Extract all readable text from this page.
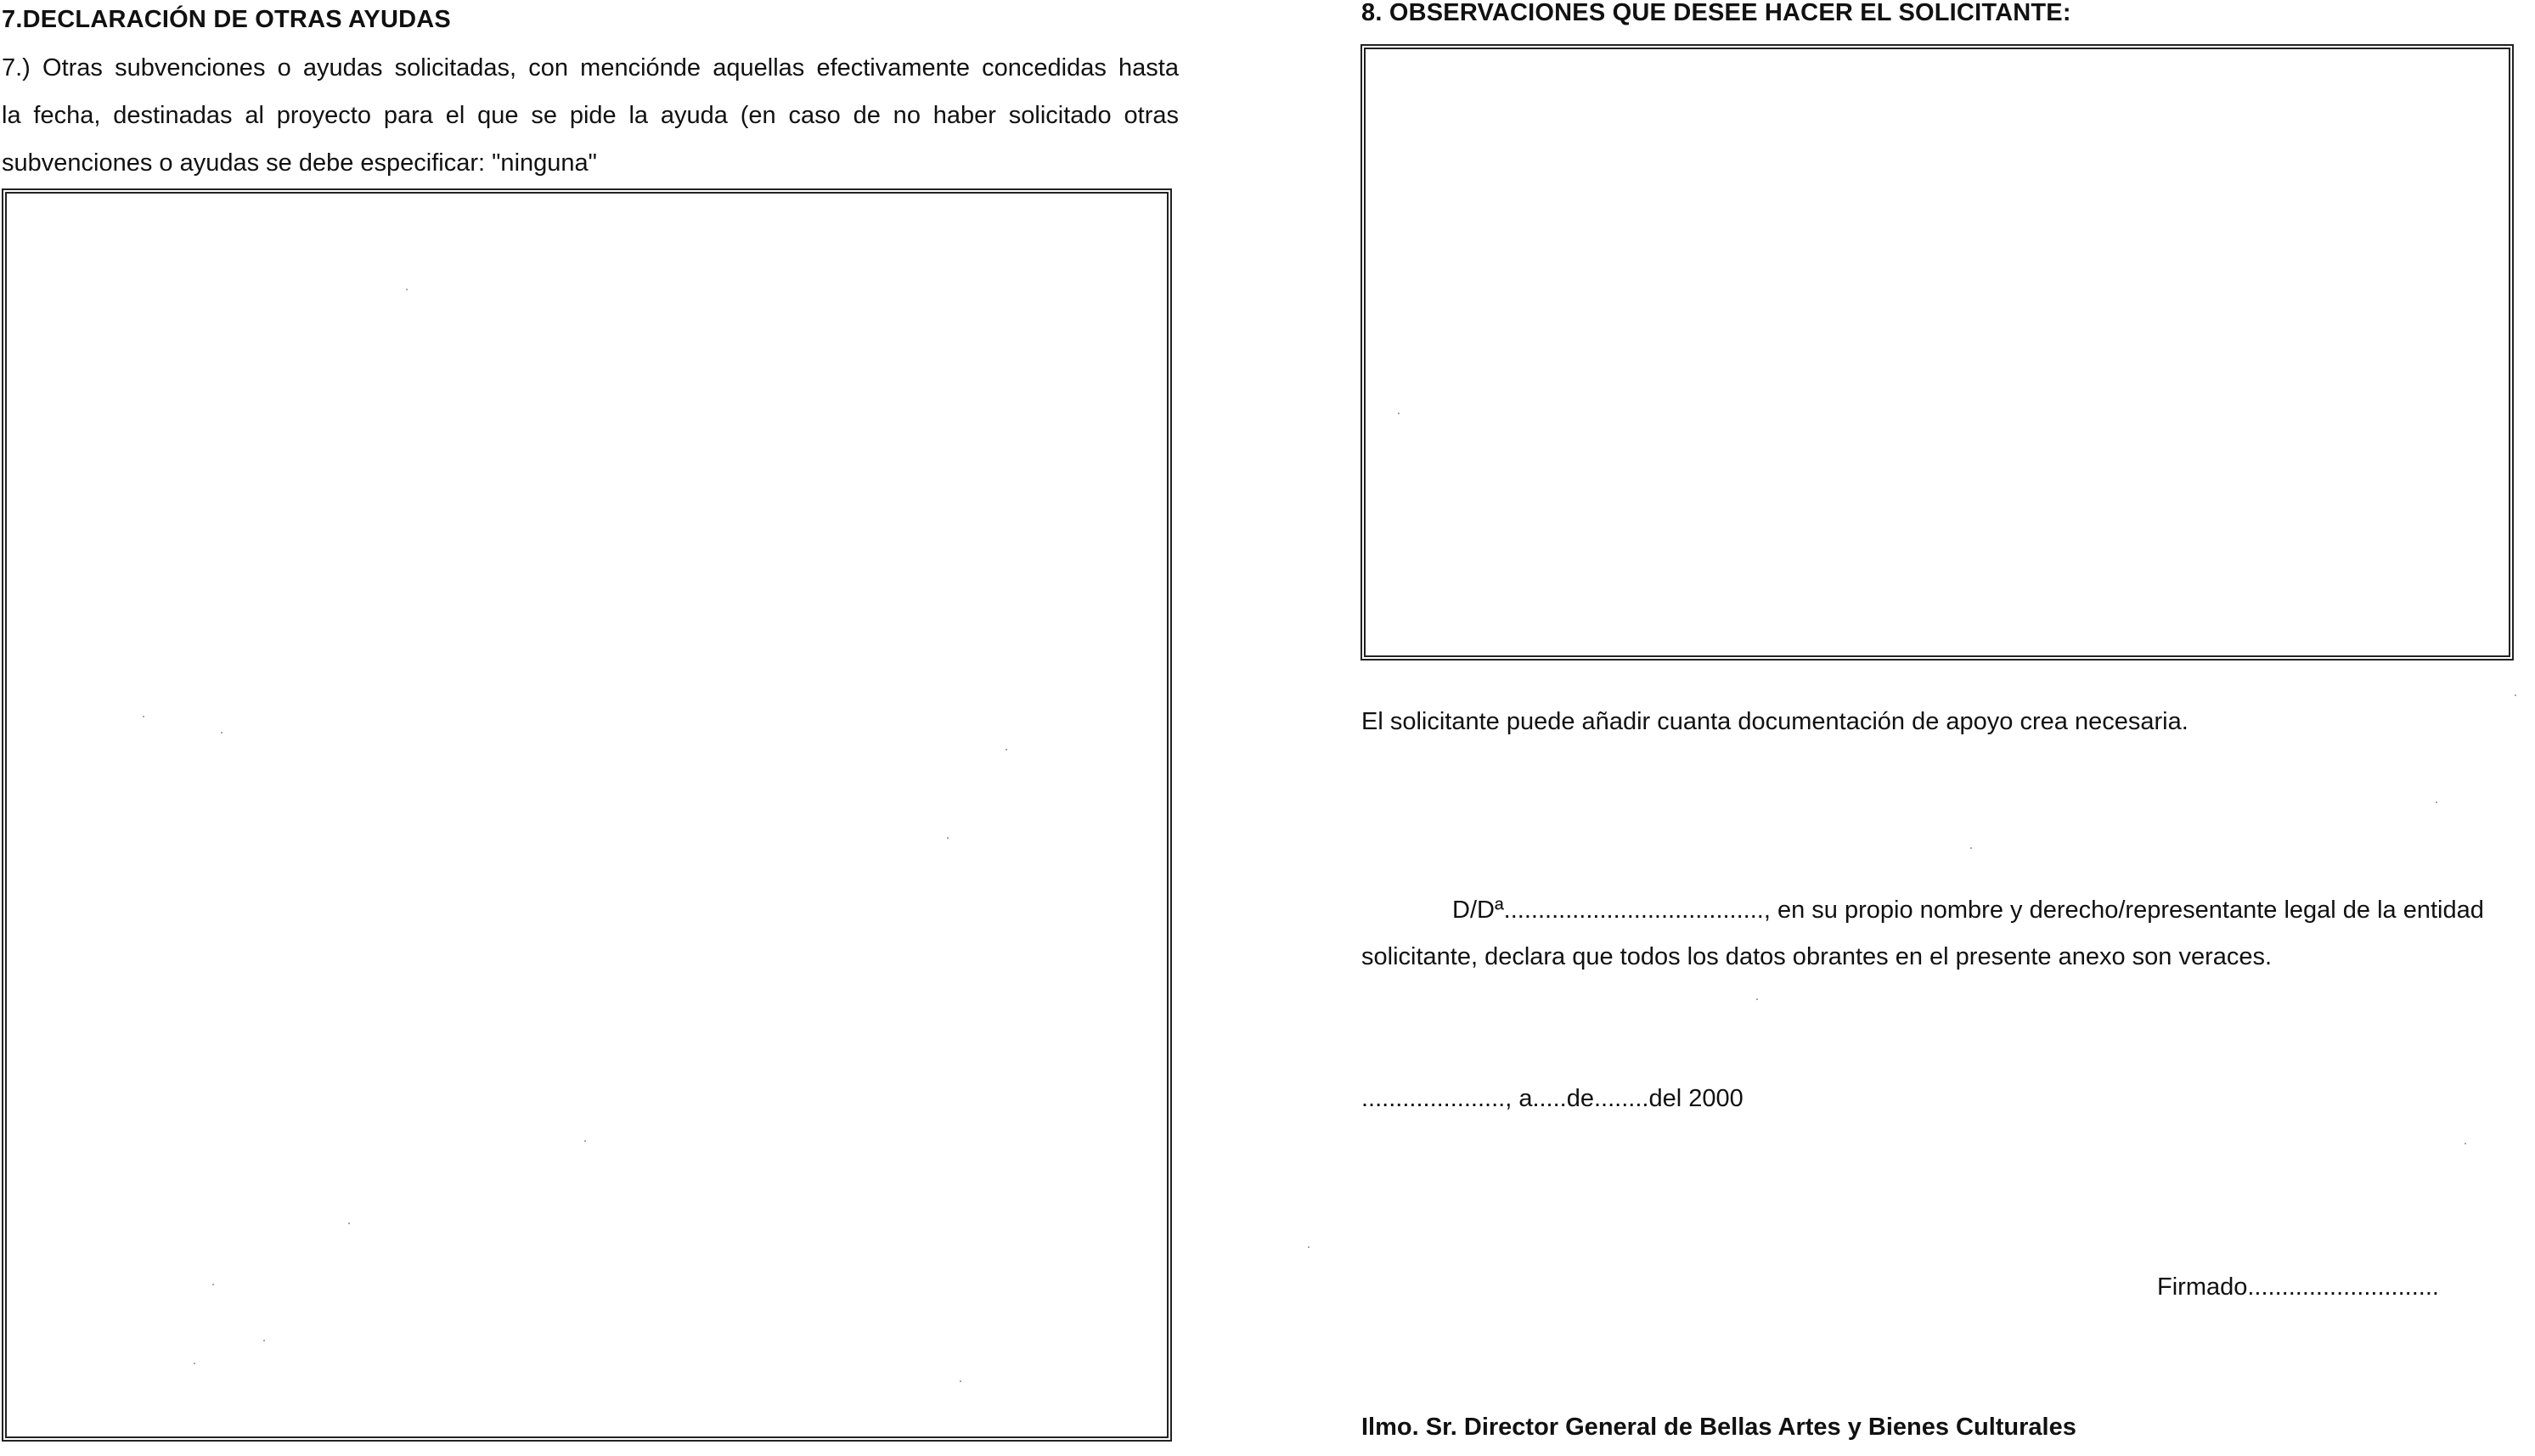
7.DECLARACIÓN DE OTRAS AYUDAS
7.) Otras subvenciones o ayudas solicitadas, con menciónde aquellas efectivamente concedidas hasta
la fecha, destinadas al proyecto para el que se pide la ayuda (en caso de no haber solicitado otras
subvenciones o ayudas se debe especificar: "ninguna"
8. OBSERVACIONES QUE DESEE HACER EL SOLICITANTE:
El solicitante puede añadir cuanta documentación de apoyo crea necesaria.
D/Dª......................................, en su propio nombre y derecho/representante legal de la entidad
solicitante, declara que todos los datos obrantes en el presente anexo son veraces.
....................., a.....de........del 2000
Firmado............................
Ilmo. Sr. Director General de Bellas Artes y Bienes Culturales
